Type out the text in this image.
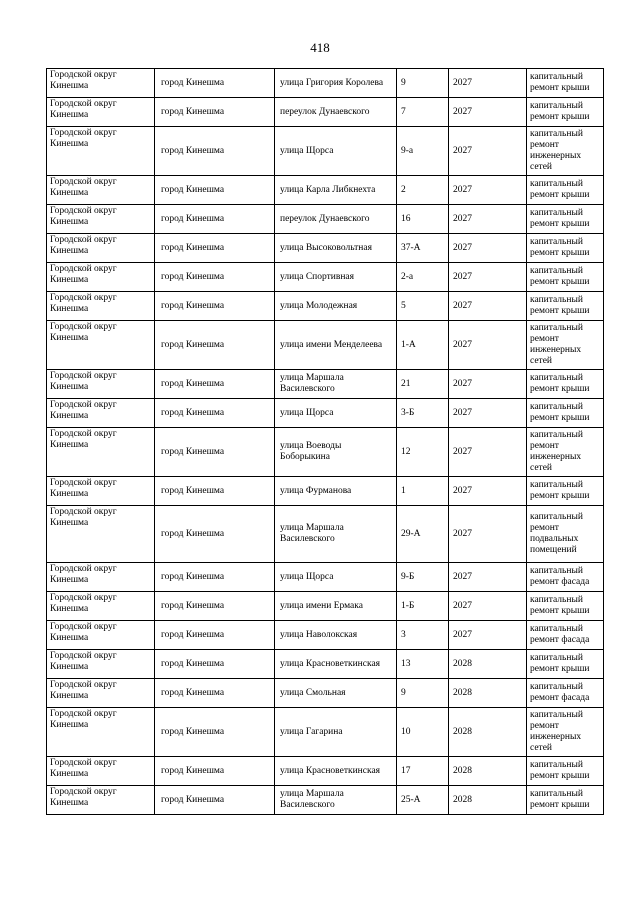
418
Городской округ Кинешма	город Кинешма	улица Григория Королева	9	2027	капитальный ремонт крыши
Городской округ Кинешма	город Кинешма	переулок Дунаевского	7	2027	капитальный ремонт крыши
Городской округ Кинешма	город Кинешма	улица Щорса	9-а	2027	капитальный ремонт инженерных сетей
Городской округ Кинешма	город Кинешма	улица Карла Либкнехта	2	2027	капитальный ремонт крыши
Городской округ Кинешма	город Кинешма	переулок Дунаевского	16	2027	капитальный ремонт крыши
Городской округ Кинешма	город Кинешма	улица Высоковольтная	37-А	2027	капитальный ремонт крыши
Городской округ Кинешма	город Кинешма	улица Спортивная	2-а	2027	капитальный ремонт крыши
Городской округ Кинешма	город Кинешма	улица Молодежная	5	2027	капитальный ремонт крыши
Городской округ Кинешма	город Кинешма	улица имени Менделеева	1-А	2027	капитальный ремонт инженерных сетей
Городской округ Кинешма	город Кинешма	улица Маршала Василевского	21	2027	капитальный ремонт крыши
Городской округ Кинешма	город Кинешма	улица Щорса	3-Б	2027	капитальный ремонт крыши
Городской округ Кинешма	город Кинешма	улица Воеводы Боборыкина	12	2027	капитальный ремонт инженерных сетей
Городской округ Кинешма	город Кинешма	улица Фурманова	1	2027	капитальный ремонт крыши
Городской округ Кинешма	город Кинешма	улица Маршала Василевского	29-А	2027	капитальный ремонт подвальных помещений
Городской округ Кинешма	город Кинешма	улица Щорса	9-Б	2027	капитальный ремонт фасада
Городской округ Кинешма	город Кинешма	улица имени Ермака	1-Б	2027	капитальный ремонт крыши
Городской округ Кинешма	город Кинешма	улица Наволокская	3	2027	капитальный ремонт фасада
Городской округ Кинешма	город Кинешма	улица Красноветкинская	13	2028	капитальный ремонт крыши
Городской округ Кинешма	город Кинешма	улица Смольная	9	2028	капитальный ремонт фасада
Городской округ Кинешма	город Кинешма	улица Гагарина	10	2028	капитальный ремонт инженерных сетей
Городской округ Кинешма	город Кинешма	улица Красноветкинская	17	2028	капитальный ремонт крыши
Городской округ Кинешма	город Кинешма	улица Маршала Василевского	25-А	2028	капитальный ремонт крыши
